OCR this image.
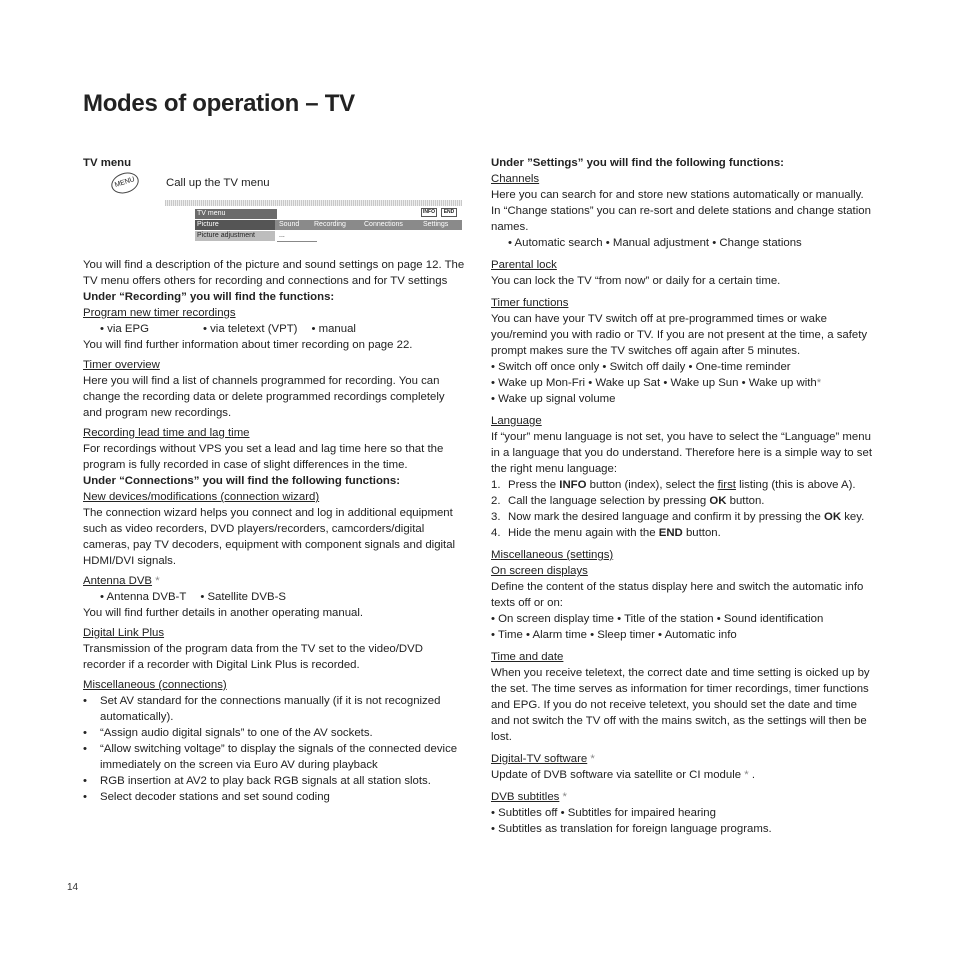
Modes of operation – TV
TV menu	INFO	END
Sound Recording	Connections	Settings
Picture
Picture adjustment	...

TV menu

MENU	Call up the TV menu

You will find a description of the picture and sound settings on page 12. The TV menu offers others for recording and connections and for TV settings

Under “Recording” you will find the functions:

Program new timer recordings

• via EPG	• via teletext (VPT) • manual

You will find further information about timer recording on page 22.

Timer overview

Here you will find a list of channels programmed for recording. You can change the recording data or delete programmed recordings completely and program new recordings.

Recording lead time and lag time

For recordings without VPS you set a lead and lag time here so that the program is fully recorded in case of slight differences in the time.

Under “Connections” you will find the following functions:

New devices/modifications (connection wizard)

The connection wizard helps you connect and log in additional equipment such as video recorders, DVD players/recorders, camcorders/digital cameras, pay TV decoders, equipment with component signals and digital HDMI/DVI signals.

Antenna DVB *

• Antenna DVB-T • Satellite DVB-S

You will find further details in another operating manual.

Digital Link Plus

Transmission of the program data from the TV set to the video/DVD recorder if a recorder with Digital Link Plus is recorded.

Miscellaneous (connections)

• Set AV standard for the connections manually (if it is not recognized automatically).
• “Assign audio digital signals” to one of the AV sockets.
• “Allow switching voltage” to display the signals of the connected device immediately on the screen via Euro AV during playback
• RGB insertion at AV2 to play back RGB signals at all station slots.
• Select decoder stations and set sound coding

Under ”Settings” you will find the following functions:

Channels

Here you can search for and store new stations automatically or manually. In “Change stations” you can re-sort and delete stations and change station names.

• Automatic search • Manual adjustment • Change stations

Parental lock

You can lock the TV “from now” or daily for a certain time.

Timer functions

You can have your TV switch off at pre-programmed times or wake you/remind you with radio or TV. If you are not present at the time, a safety prompt makes sure the TV switches off again after 5 minutes.

• Switch off once only • Switch off daily • One-time reminder

• Wake up Mon-Fri • Wake up Sat • Wake up Sun • Wake up with*

• Wake up signal volume

Language

If “your” menu language is not set, you have to select the “Language” menu in a language that you do understand. Therefore here is a simple way to set the right menu language:

Press the INFO button (index), select the first listing (this is above A).
Call the language selection by pressing OK button.
Now mark the desired language and confirm it by pressing the OK key.
Hide the menu again with the END button.

Miscellaneous (settings)

On screen displays

Define the content of the status display here and switch the automatic info texts off or on:

• On screen display time • Title of the station • Sound identification

• Time • Alarm time • Sleep timer • Automatic info

Time and date

When you receive teletext, the correct date and time setting is oicked up by the set. The time serves as information for timer recordings, timer functions and EPG. If you do not receive teletext, you should set the date and time and not switch the TV off with the mains switch, as the settings will then be lost.

Digital-TV software *

Update of DVB software via satellite or CI module * .

DVB subtitles *

• Subtitles off • Subtitles for impaired hearing

• Subtitles as translation for foreign language programs.

14
